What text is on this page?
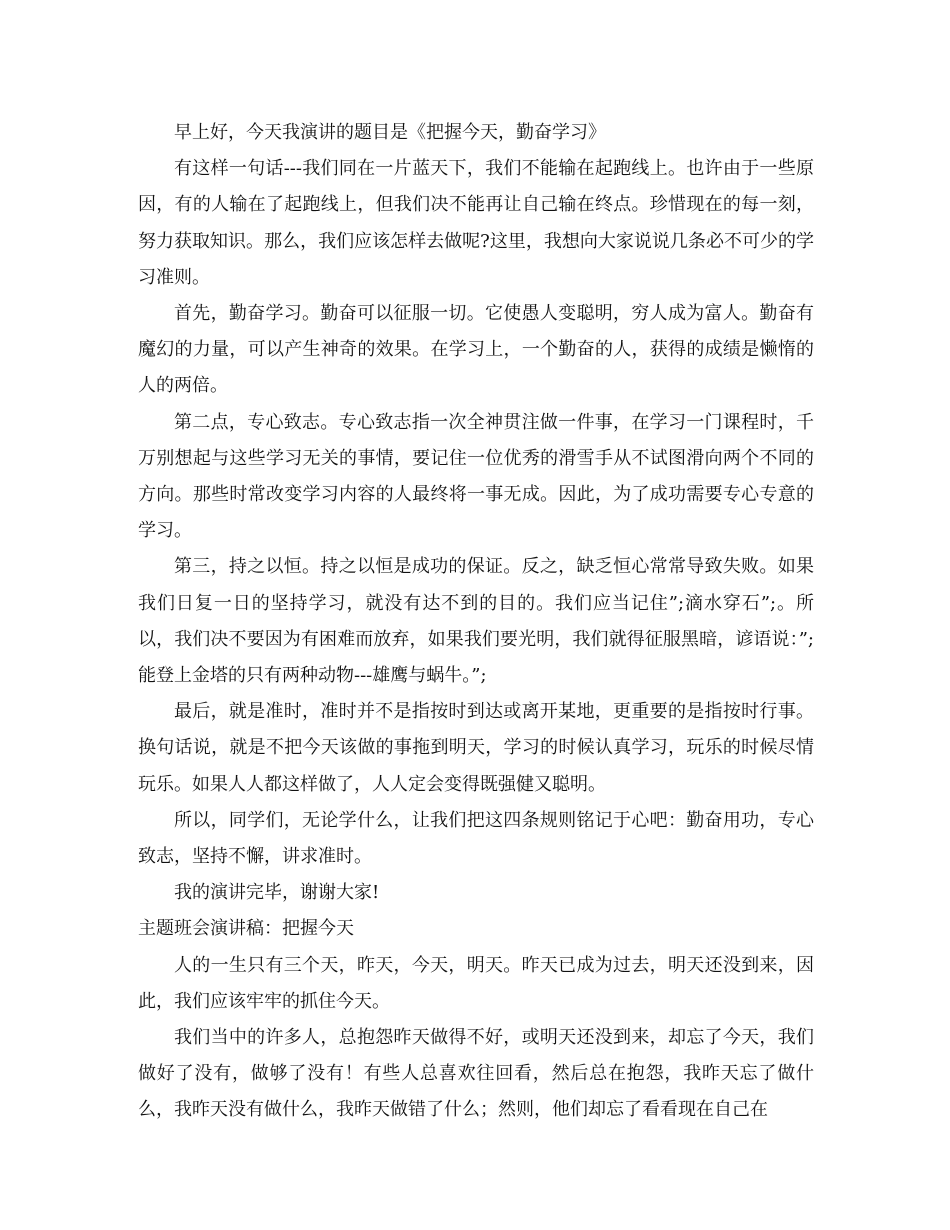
早上好，今天我演讲的题目是《把握今天，勤奋学习》

有这样一句话---我们同在一片蓝天下，我们不能输在起跑线上。也许由于一些原因，有的人输在了起跑线上，但我们决不能再让自己输在终点。珍惜现在的每一刻，努力获取知识。那么，我们应该怎样去做呢?这里，我想向大家说说几条必不可少的学习准则。

首先，勤奋学习。勤奋可以征服一切。它使愚人变聪明，穷人成为富人。勤奋有魔幻的力量，可以产生神奇的效果。在学习上，一个勤奋的人，获得的成绩是懒惰的人的两倍。

第二点，专心致志。专心致志指一次全神贯注做一件事，在学习一门课程时，千万别想起与这些学习无关的事情，要记住一位优秀的滑雪手从不试图滑向两个不同的方向。那些时常改变学习内容的人最终将一事无成。因此，为了成功需要专心专意的学习。

第三，持之以恒。持之以恒是成功的保证。反之，缺乏恒心常常导致失败。如果我们日复一日的坚持学习，就没有达不到的目的。我们应当记住”;滴水穿石”;。所以，我们决不要因为有困难而放弃，如果我们要光明，我们就得征服黑暗，谚语说：”;能登上金塔的只有两种动物---雄鹰与蜗牛。”;

最后，就是准时，准时并不是指按时到达或离开某地，更重要的是指按时行事。换句话说，就是不把今天该做的事拖到明天，学习的时候认真学习，玩乐的时候尽情玩乐。如果人人都这样做了，人人定会变得既强健又聪明。

所以，同学们，无论学什么，让我们把这四条规则铭记于心吧：勤奋用功，专心致志，坚持不懈，讲求准时。

我的演讲完毕，谢谢大家!

主题班会演讲稿：把握今天

人的一生只有三个天，昨天，今天，明天。昨天已成为过去，明天还没到来，因此，我们应该牢牢的抓住今天。

我们当中的许多人，总抱怨昨天做得不好，或明天还没到来，却忘了今天，我们做好了没有，做够了没有！有些人总喜欢往回看，然后总在抱怨，我昨天忘了做什么，我昨天没有做什么，我昨天做错了什么；然则，他们却忘了看看现在自己在
